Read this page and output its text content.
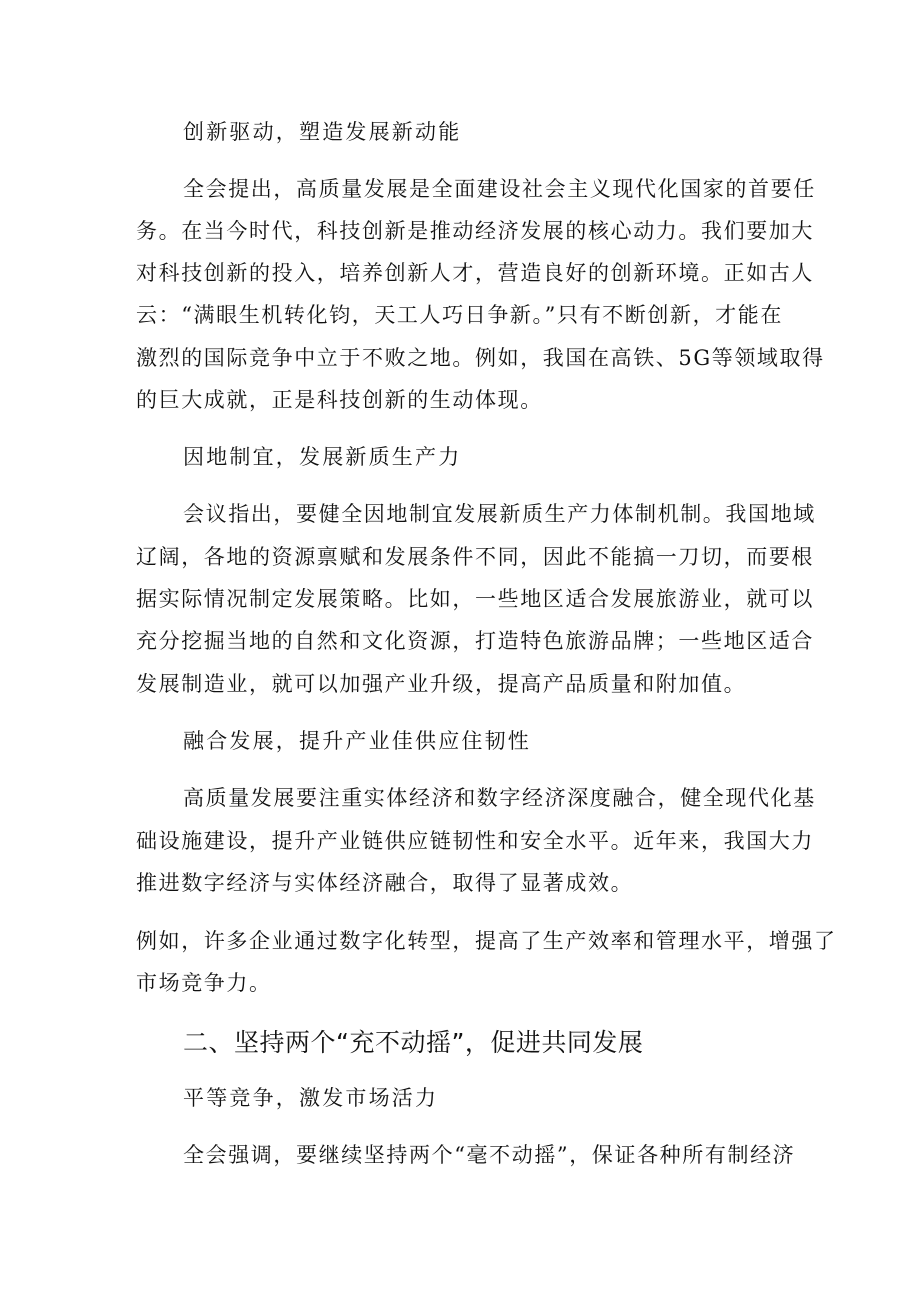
创新驱动，塑造发展新动能
全会提出，高质量发展是全面建设社会主义现代化国家的首要任
务。在当今时代，科技创新是推动经济发展的核心动力。我们要加大
对科技创新的投入，培养创新人才，营造良好的创新环境。正如古人
云：“满眼生机转化钧，天工人巧日争新。”只有不断创新，才能在
激烈的国际竞争中立于不败之地。例如，我国在高铁、5G等领域取得
的巨大成就，正是科技创新的生动体现。
因地制宜，发展新质生产力
会议指出，要健全因地制宜发展新质生产力体制机制。我国地域
辽阔，各地的资源禀赋和发展条件不同，因此不能搞一刀切，而要根
据实际情况制定发展策略。比如，一些地区适合发展旅游业，就可以
充分挖掘当地的自然和文化资源，打造特色旅游品牌；一些地区适合
发展制造业，就可以加强产业升级，提高产品质量和附加值。
融合发展，提升产业佳供应住韧性
高质量发展要注重实体经济和数字经济深度融合，健全现代化基
础设施建设，提升产业链供应链韧性和安全水平。近年来，我国大力
推进数字经济与实体经济融合，取得了显著成效。
例如，许多企业通过数字化转型，提高了生产效率和管理水平，增强了
市场竞争力。
二、坚持两个“充不动摇”，促进共同发展
平等竞争，激发市场活力
全会强调，要继续坚持两个“毫不动摇”，保证各种所有制经济
